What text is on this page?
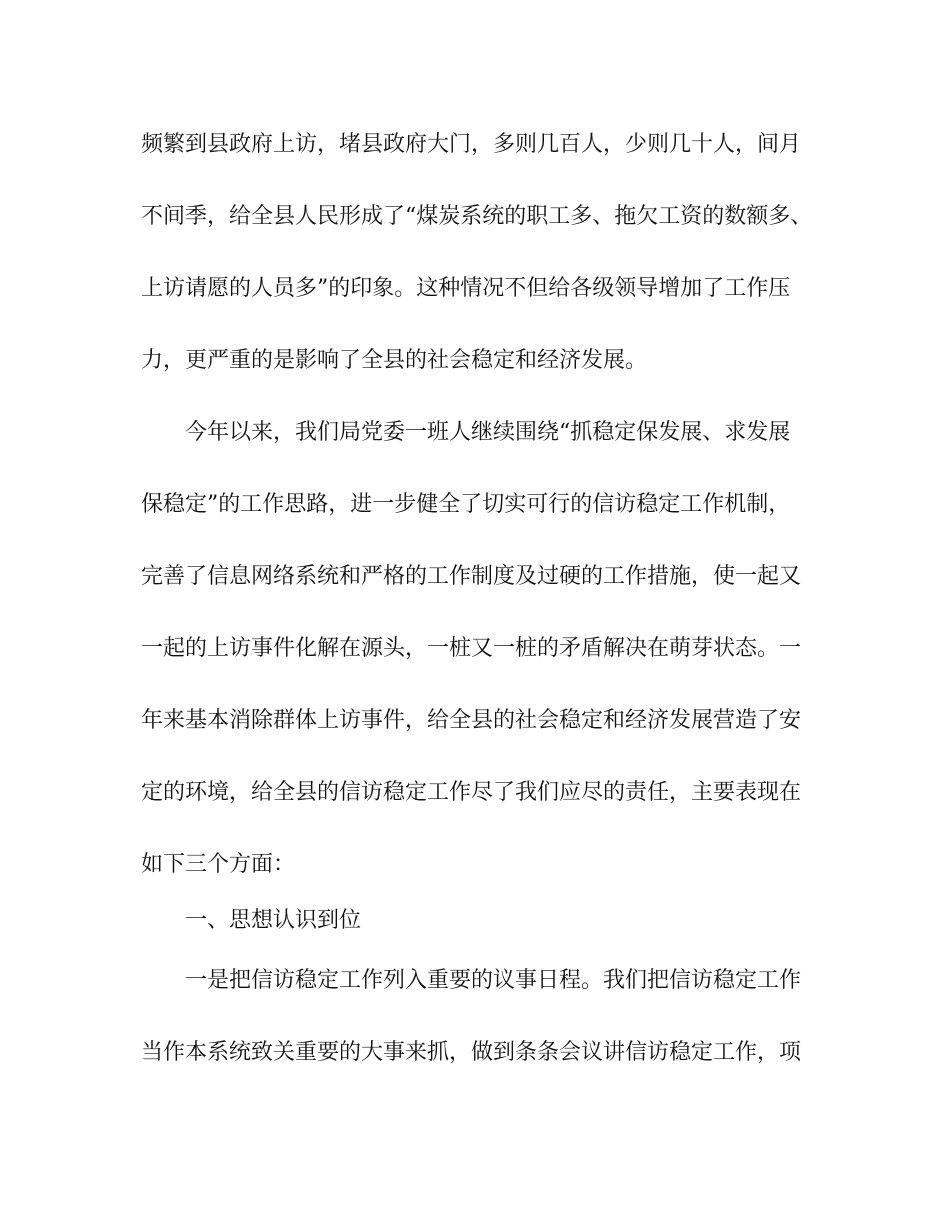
频繁到县政府上访，堵县政府大门，多则几百人，少则几十人，间月
不间季，给全县人民形成了“煤炭系统的职工多、拖欠工资的数额多、
上访请愿的人员多”的印象。这种情况不但给各级领导增加了工作压
力，更严重的是影响了全县的社会稳定和经济发展。
今年以来，我们局党委一班人继续围绕“抓稳定保发展、求发展
保稳定”的工作思路，进一步健全了切实可行的信访稳定工作机制，
完善了信息网络系统和严格的工作制度及过硬的工作措施，使一起又
一起的上访事件化解在源头，一桩又一桩的矛盾解决在萌芽状态。一
年来基本消除群体上访事件，给全县的社会稳定和经济发展营造了安
定的环境，给全县的信访稳定工作尽了我们应尽的责任，主要表现在
如下三个方面：
一、思想认识到位
一是把信访稳定工作列入重要的议事日程。我们把信访稳定工作
当作本系统致关重要的大事来抓，做到条条会议讲信访稳定工作，项
